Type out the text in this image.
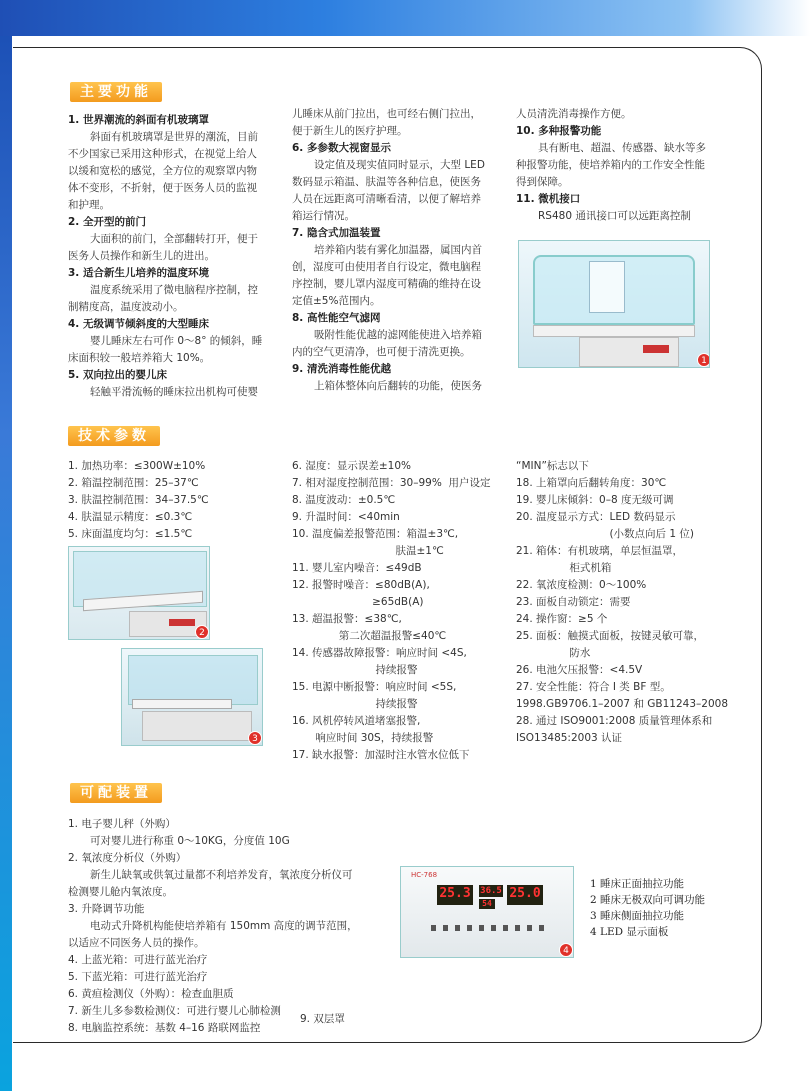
主要功能

1. 世界潮流的斜面有机玻璃罩

斜面有机玻璃罩是世界的潮流，目前

不少国家已采用这种形式，在视觉上给人

以缓和宽松的感觉，全方位的观察罩内物

体不变形，不折射，便于医务人员的监视

和护理。

2. 全开型的前门

大面积的前门，全部翻转打开，便于

医务人员操作和新生儿的进出。

3. 适合新生儿培养的温度环境

温度系统采用了微电脑程序控制，控

制精度高，温度波动小。

4. 无级调节倾斜度的大型睡床

婴儿睡床左右可作 0～8° 的倾斜，睡

床面积较一般培养箱大 10%。

5. 双向拉出的婴儿床

轻触平滑流畅的睡床拉出机构可使婴

儿睡床从前门拉出，也可经右侧门拉出，

便于新生儿的医疗护理。

6. 多参数大视窗显示

设定值及现实值同时显示，大型 LED

数码显示箱温、肤温等各种信息，使医务

人员在远距离可清晰看清，以便了解培养

箱运行情况。

7. 隐含式加温装置

培养箱内装有雾化加温器，属国内首

创，湿度可由使用者自行设定，微电脑程

序控制，婴儿罩内湿度可精确的维持在设

定值±5%范围内。

8. 高性能空气滤网

吸附性能优越的滤网能使进入培养箱

内的空气更清净，也可便于清洗更换。

9. 清洗消毒性能优越

上箱体整体向后翻转的功能，使医务

人员清洗消毒操作方便。

10. 多种报警功能

具有断电、超温、传感器、缺水等多

种报警功能，使培养箱内的工作安全性能

得到保障。

11. 微机接口

RS480 通讯接口可以远距离控制

1
技术参数

1. 加热功率：≤300W±10%

2. 箱温控制范围：25–37℃

3. 肤温控制范围：34–37.5℃

4. 肤温显示精度：≤0.3℃

5. 床面温度均匀：≤1.5℃

6. 湿度：显示误差±10%

7. 相对湿度控制范围：30–99%  用户设定

8. 温度波动：±0.5℃

9. 升温时间：<40min

10. 温度偏差报警范围：箱温±3℃,

肤温±1℃

11. 婴儿室内噪音：≤49dB

12. 报警时噪音：≤80dB(A),

≥65dB(A)

13. 超温报警：≤38℃,

第二次超温报警≤40℃

14. 传感器故障报警：响应时间 <4S,

持续报警

15. 电源中断报警：响应时间 <5S,

持续报警

16. 风机停转风道堵塞报警,

响应时间 30S，持续报警

17. 缺水报警：加湿时注水管水位低下

“MIN”标志以下

18. 上箱罩向后翻转角度：30℃

19. 婴儿床倾斜：0–8 度无级可调

20. 温度显示方式：LED 数码显示

(小数点向后 1 位)

21. 箱体：有机玻璃，单层恒温罩，

柜式机箱

22. 氧浓度检测：0～100%

23. 面板自动锁定：需要

24. 操作窗：≥5 个

25. 面板：触摸式面板，按键灵敏可靠，

防水

26. 电池欠压报警：<4.5V

27. 安全性能：符合 I 类 BF 型。

1998.GB9706.1–2007 和 GB11243–2008

28. 通过 ISO9001:2008 质量管理体系和

ISO13485:2003 认证

2
3
可配装置

1. 电子婴儿秤（外购）

可对婴儿进行称重 0～10KG，分度值 10G

2. 氧浓度分析仪（外购）

新生儿缺氧或供氧过量都不利培养发育，氧浓度分析仪可

检测婴儿舱内氧浓度。

3. 升降调节功能

电动式升降机构能使培养箱有 150mm 高度的调节范围，

以适应不同医务人员的操作。

4. 上蓝光箱：可进行蓝光治疗

5. 下蓝光箱：可进行蓝光治疗

6. 黄疸检测仪（外购）：检查血胆质

7. 新生儿多参数检测仪：可进行婴儿心肺检测

8. 电脑监控系统：基数 4–16 路联网监控

9. 双层罩
HC-768
25.3 36.5
54
25.0
4
1 睡床正面抽拉功能
2 睡床无极双向可调功能
3 睡床侧面抽拉功能
4 LED 显示面板
